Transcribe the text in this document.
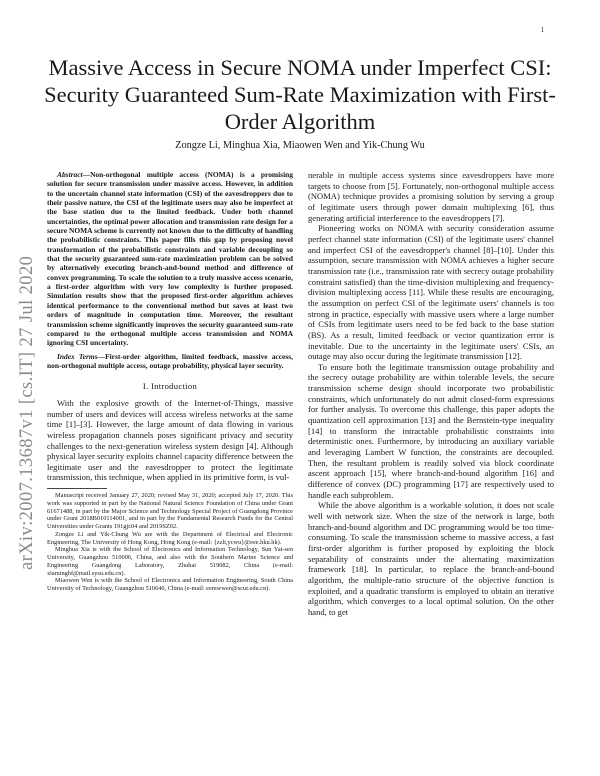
1
arXiv:2007.13687v1 [cs.IT] 27 Jul 2020
Massive Access in Secure NOMA under Imperfect CSI: Security Guaranteed Sum-Rate Maximization with First-Order Algorithm

Zongze Li, Minghua Xia, Miaowen Wen and Yik-Chung Wu

Abstract—Non-orthogonal multiple access (NOMA) is a promising solution for secure transmission under massive access. However, in addition to the uncertain channel state information (CSI) of the eavesdroppers due to their passive nature, the CSI of the legitimate users may also be imperfect at the base station due to the limited feedback. Under both channel uncertainties, the optimal power allocation and transmission rate design for a secure NOMA scheme is currently not known due to the difficulty of handling the probabilistic constraints. This paper fills this gap by proposing novel transformation of the probabilistic constraints and variable decoupling so that the security guaranteed sum-rate maximization problem can be solved by alternatively executing branch-and-bound method and difference of convex programming. To scale the solution to a truly massive access scenario, a first-order algorithm with very low complexity is further proposed. Simulation results show that the proposed first-order algorithm achieves identical performance to the conventional method but saves at least two orders of magnitude in computation time. Moreover, the resultant transmission scheme significantly improves the security guaranteed sum-rate compared to the orthogonal multiple access transmission and NOMA ignoring CSI uncertainty.

Index Terms—First-order algorithm, limited feedback, massive access, non-orthogonal multiple access, outage probability, physical layer security.

I. Introduction

With the explosive growth of the Internet-of-Things, massive number of users and devices will access wireless networks at the same time [1]–[3]. However, the large amount of data flowing in various wireless propagation channels poses significant privacy and security challenges to the next-generation wireless system design [4]. Although physical layer security exploits channel capacity difference between the legitimate user and the eavesdropper to protect the legitimate transmission, this technique, when applied in its primitive form, is vul-

Manuscript received January 27, 2020; revised May 31, 2020; accepted July 17, 2020. This work was supported in part by the National Natural Science Foundation of China under Grant 61671488, in part by the Major Science and Technology Special Project of Guangdong Province under Grant 2018B010114001, and in part by the Fundamental Research Funds for the Central Universities under Grants 191gjc04 and 2019SZ02.

Zongze Li and Yik-Chung Wu are with the Department of Electrical and Electronic Engineering, The University of Hong Kong, Hong Kong (e-mail: {zzli,ycwu}@eee.hku.hk).

Minghua Xia is with the School of Electronics and Information Technology, Sun Yat-sen University, Guangzhou 510006, China, and also with the Southern Marine Science and Engineering Guangdong Laboratory, Zhuhai 519082, China (e-mail: xiaminghf@mail.sysu.edu.cn).

Miaowen Wen is with the School of Electronics and Information Engineering, South China University of Technology, Guangzhou 510640, China (e-mail: eemwwen@scut.edu.cn).

nerable in multiple access systems since eavesdroppers have more targets to choose from [5]. Fortunately, non-orthogonal multiple access (NOMA) technique provides a promising solution by serving a group of legitimate users through power domain multiplexing [6], thus generating artificial interference to the eavesdroppers [7].

Pioneering works on NOMA with security consideration assume perfect channel state information (CSI) of the legitimate users' channel and imperfect CSI of the eavesdropper's channel [8]–[10]. Under this assumption, secure transmission with NOMA achieves a higher secure transmission rate (i.e., transmission rate with secrecy outage probability constraint satisfied) than the time-division multiplexing and frequency-division multiplexing access [11]. While these results are encouraging, the assumption on perfect CSI of the legitimate users' channels is too strong in practice, especially with massive users where a large number of CSIs from legitimate users need to be fed back to the base station (BS). As a result, limited feedback or vector quantization error is inevitable. Due to the uncertainty in the legitimate users' CSIs, an outage may also occur during the legitimate transmission [12].

To ensure both the legitimate transmission outage probability and the secrecy outage probability are within tolerable levels, the secure transmission scheme design should incorporate two probabilistic constraints, which unfortunately do not admit closed-form expressions for further analysis. To overcome this challenge, this paper adopts the quantization cell approximation [13] and the Bernstein-type inequality [14] to transform the intractable probabilistic constraints into deterministic ones. Furthermore, by introducing an auxiliary variable and leveraging Lambert W function, the constraints are decoupled. Then, the resultant problem is readily solved via block coordinate ascent approach [15], where branch-and-bound algorithm [16] and difference of convex (DC) programming [17] are respectively used to handle each subproblem.

While the above algorithm is a workable solution, it does not scale well with network size. When the size of the network is large, both branch-and-bound algorithm and DC programming would be too time-consuming. To scale the transmission scheme to massive access, a fast first-order algorithm is further proposed by exploiting the block separability of constraints under the alternating maximization framework [18]. In particular, to replace the branch-and-bound algorithm, the multiple-ratio structure of the objective function is exploited, and a quadratic transform is employed to obtain an iterative algorithm, which converges to a local optimal solution. On the other hand, to get
